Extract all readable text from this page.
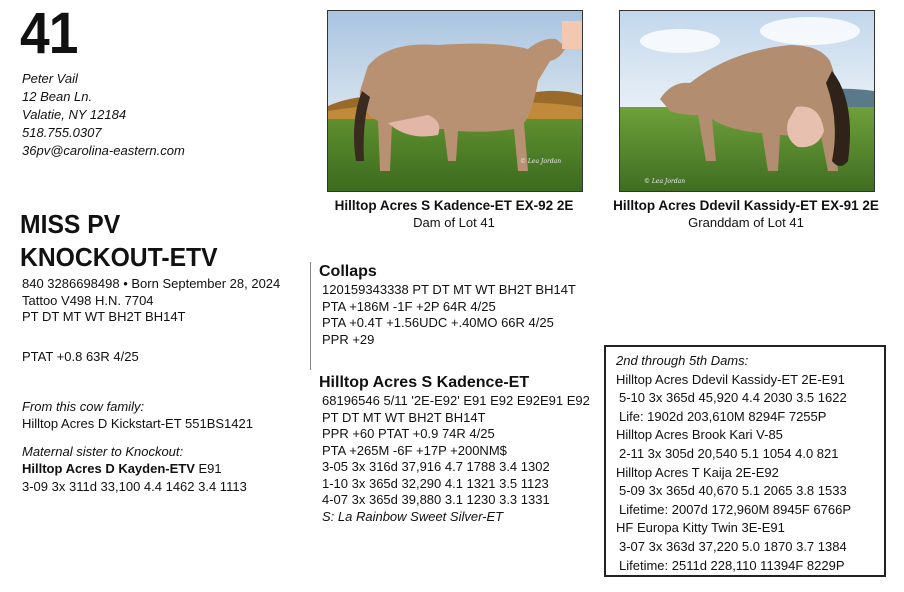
41
Peter Vail
12 Bean Ln.
Valatie, NY 12184
518.755.0307
36pv@carolina-eastern.com
MISS PV
KNOCKOUT-ETV
840 3286698498 • Born September 28, 2024
Tattoo V498 H.N. 7704
PT DT MT WT BH2T BH14T
PTAT +0.8 63R 4/25
From this cow family:
Hilltop Acres D Kickstart-ET 551BS1421
Maternal sister to Knockout:
Hilltop Acres D Kayden-ETV E91
3-09 3x 311d 33,100 4.4 1462 3.4 1113
Collaps
120159343338 PT DT MT WT BH2T BH14T
PTA +186M -1F +2P 64R 4/25
PTA +0.4T +1.56UDC +.40MO 66R 4/25
PPR +29
Hilltop Acres S Kadence-ET
68196546 5/11 '2E-E92' E91 E92 E92E91 E92
PT DT MT WT BH2T BH14T
PPR +60 PTAT +0.9 74R 4/25
PTA +265M -6F +17P +200NM$
3-05 3x 316d 37,916 4.7 1788 3.4 1302
1-10 3x 365d 32,290 4.1 1321 3.5 1123
4-07 3x 365d 39,880 3.1 1230 3.3 1331
S: La Rainbow Sweet Silver-ET
© Lea Jordan
Hilltop Acres S Kadence-ET EX-92 2E
Dam of Lot 41
© Lea Jordan
Hilltop Acres Ddevil Kassidy-ET EX-91 2E
Granddam of Lot 41
2nd through 5th Dams:
Hilltop Acres Ddevil Kassidy-ET 2E-E91
5-10 3x 365d 45,920 4.4 2030 3.5 1622
Life: 1902d 203,610M 8294F 7255P
Hilltop Acres Brook Kari V-85
2-11 3x 305d 20,540 5.1 1054 4.0 821
Hilltop Acres T Kaija 2E-E92
5-09 3x 365d 40,670 5.1 2065 3.8 1533
Lifetime: 2007d 172,960M 8945F 6766P
HF Europa Kitty Twin 3E-E91
3-07 3x 363d 37,220 5.0 1870 3.7 1384
Lifetime: 2511d 228,110 11394F 8229P
